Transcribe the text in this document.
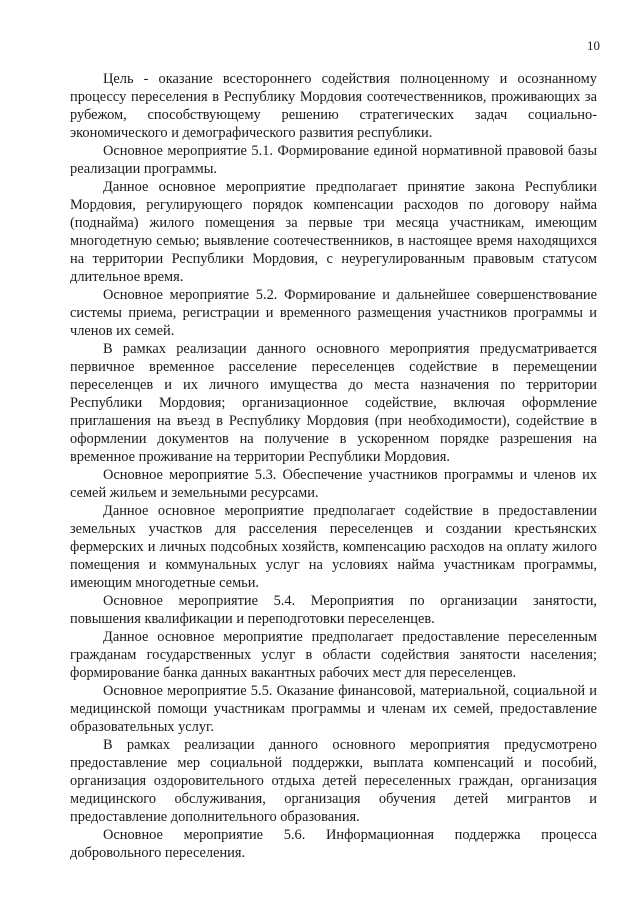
10

Цель - оказание всестороннего содействия полноценному и осознанному процессу переселения в Республику Мордовия соотечественников, проживающих за рубежом, способствующему решению стратегических задач социально-экономического и демографического развития республики.

Основное мероприятие 5.1. Формирование единой нормативной правовой базы реализации программы.

Данное основное мероприятие предполагает принятие закона Республики Мордовия, регулирующего порядок компенсации расходов по договору найма (поднайма) жилого помещения за первые три месяца участникам, имеющим многодетную семью; выявление соотечественников, в настоящее время находящихся на территории Республики Мордовия, с неурегулированным правовым статусом длительное время.

Основное мероприятие 5.2. Формирование и дальнейшее совершенствование системы приема, регистрации и временного размещения участников программы и членов их семей.

В рамках реализации данного основного мероприятия предусматривается первичное временное расселение переселенцев содействие в перемещении переселенцев и их личного имущества до места назначения по территории Республики Мордовия; организационное содействие, включая оформление приглашения на въезд в Республику Мордовия (при необходимости), содействие в оформлении документов на получение в ускоренном порядке разрешения на временное проживание на территории Республики Мордовия.

Основное мероприятие 5.3. Обеспечение участников программы и членов их семей жильем и земельными ресурсами.

Данное основное мероприятие предполагает содействие в предоставлении земельных участков для расселения переселенцев и создании крестьянских фермерских и личных подсобных хозяйств, компенсацию расходов на оплату жилого помещения и коммунальных услуг на условиях найма участникам программы, имеющим многодетные семьи.

Основное мероприятие 5.4. Мероприятия по организации занятости, повышения квалификации и переподготовки переселенцев.

Данное основное мероприятие предполагает предоставление переселенным гражданам государственных услуг в области содействия занятости населения; формирование банка данных вакантных рабочих мест для переселенцев.

Основное мероприятие 5.5. Оказание финансовой, материальной, социальной и медицинской помощи участникам программы и членам их семей, предоставление образовательных услуг.

В рамках реализации данного основного мероприятия предусмотрено предоставление мер социальной поддержки, выплата компенсаций и пособий, организация оздоровительного отдыха детей переселенных граждан, организация медицинского обслуживания, организация обучения детей мигрантов и предоставление дополнительного образования.

Основное мероприятие 5.6. Информационная поддержка процесса добровольного переселения.
